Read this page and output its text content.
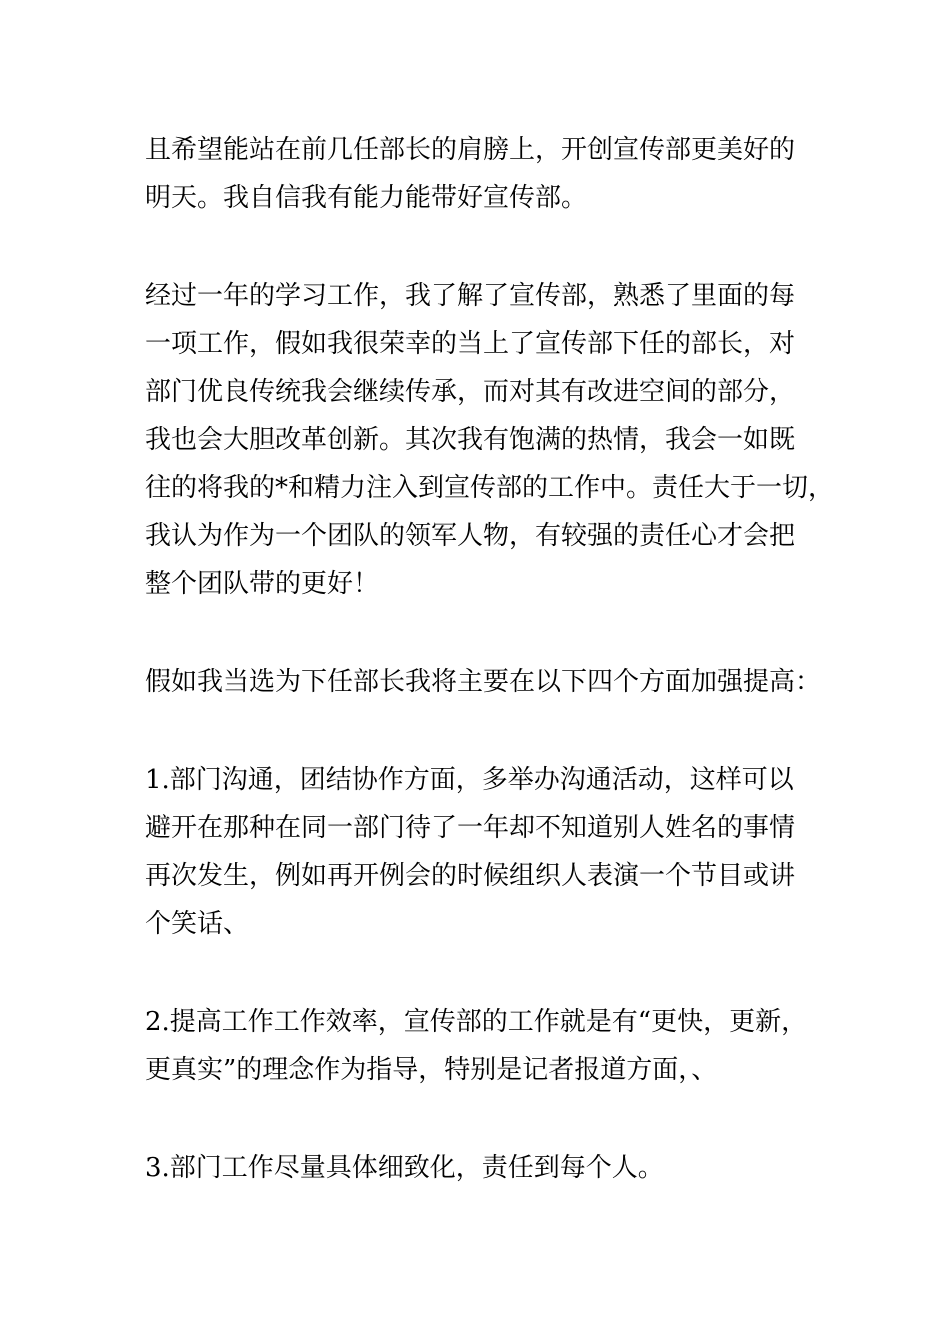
且希望能站在前几任部长的肩膀上，开创宣传部更美好的
明天。我自信我有能力能带好宣传部。

经过一年的学习工作，我了解了宣传部，熟悉了里面的每
一项工作，假如我很荣幸的当上了宣传部下任的部长，对
部门优良传统我会继续传承，而对其有改进空间的部分，
我也会大胆改革创新。其次我有饱满的热情，我会一如既
往的将我的*和精力注入到宣传部的工作中。责任大于一切，
我认为作为一个团队的领军人物，有较强的责任心才会把
整个团队带的更好！

假如我当选为下任部长我将主要在以下四个方面加强提高：

1.部门沟通，团结协作方面，多举办沟通活动，这样可以
避开在那种在同一部门待了一年却不知道别人姓名的事情
再次发生，例如再开例会的时候组织人表演一个节目或讲
个笑话、

2.提高工作工作效率，宣传部的工作就是有“更快，更新，
更真实”的理念作为指导，特别是记者报道方面，、

3.部门工作尽量具体细致化，责任到每个人。
